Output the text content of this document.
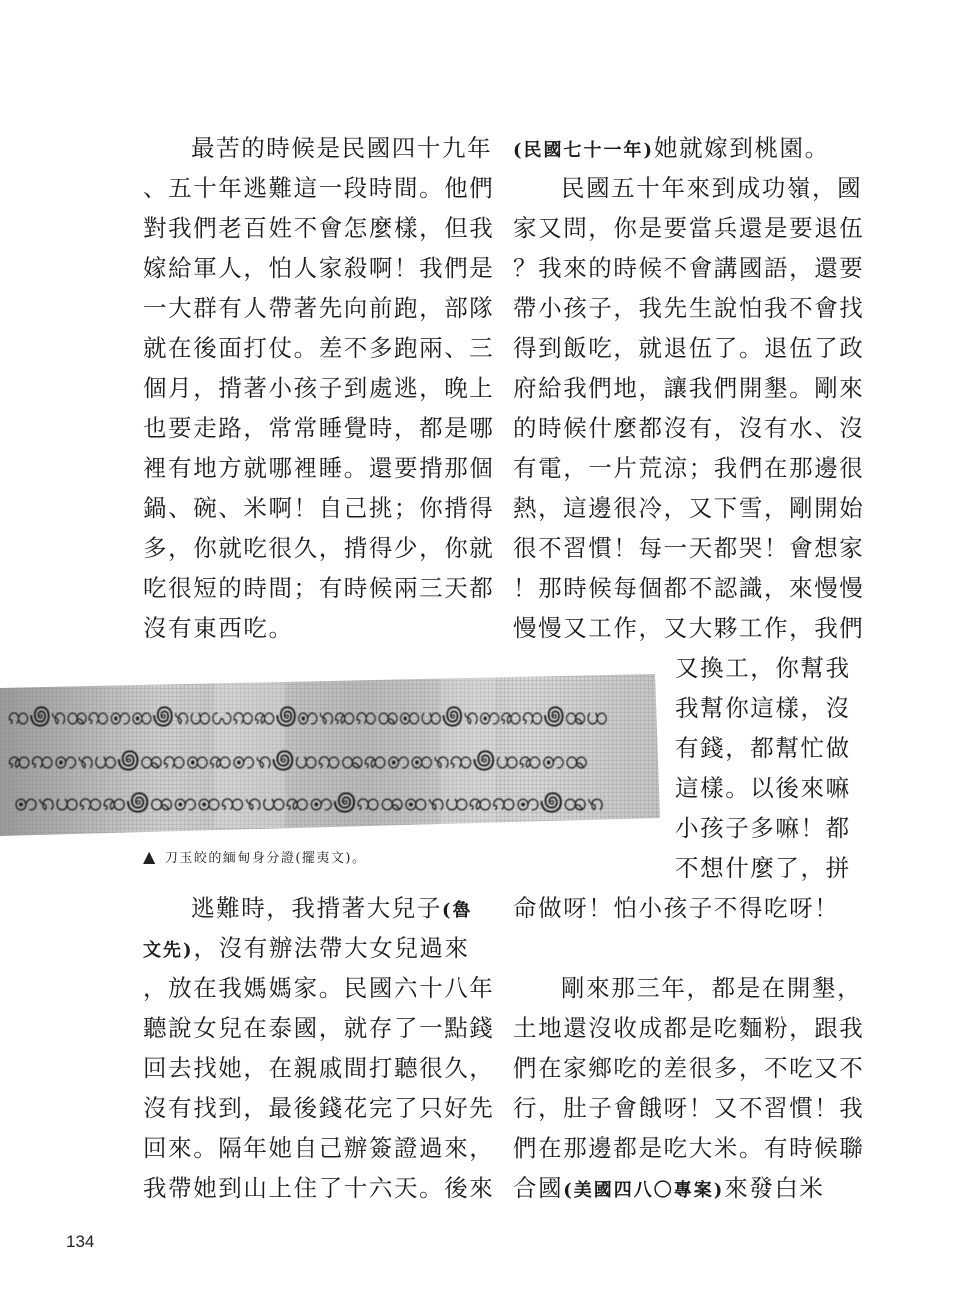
最苦的時候是民國四十九年
、五十年逃難這一段時間。他們
對我們老百姓不會怎麼樣，但我
嫁給軍人，怕人家殺啊！我們是
一大群有人帶著先向前跑，部隊
就在後面打仗。差不多跑兩、三
個月，揹著小孩子到處逃，晚上
也要走路，常常睡覺時，都是哪
裡有地方就哪裡睡。還要揹那個
鍋、碗、米啊！自己挑；你揹得
多，你就吃很久，揹得少，你就
吃很短的時間；有時候兩三天都
沒有東西吃。
(民國七十一年)她就嫁到桃園。
民國五十年來到成功嶺，國
家又問，你是要當兵還是要退伍
？我來的時候不會講國語，還要
帶小孩子，我先生說怕我不會找
得到飯吃，就退伍了。退伍了政
府給我們地，讓我們開墾。剛來
的時候什麼都沒有，沒有水、沒
有電，一片荒涼；我們在那邊很
熱，這邊很冷，又下雪，剛開始
很不習慣！每一天都哭！會想家
！那時候每個都不認識，來慢慢
慢慢又工作，又大夥工作，我們
又換工，你幫我
我幫你這樣，沒
有錢，都幫忙做
這樣。以後來嘛
小孩子多嘛！都
不想什麼了，拼
命做呀！怕小孩子不得吃呀！
剛來那三年，都是在開墾，
土地還沒收成都是吃麵粉，跟我
們在家鄉吃的差很多，不吃又不
行，肚子會餓呀！又不習慣！我
們在那邊都是吃大米。有時候聯
合國(美國四八〇專案)來發白米
逃難時，我揹著大兒子(魯
文先)，沒有辦法帶大女兒過來
，放在我媽媽家。民國六十八年
聽說女兒在泰國，就存了一點錢
回去找她，在親戚間打聽很久，
沒有找到，最後錢花完了只好先
回來。隔年她自己辦簽證過來，
我帶她到山上住了十六天。後來
ꩡ꩜ꩫꩪꩡꩦꩧ꩜ꩫꩤꩬꩡꩣ꩜ꩦꩫꩣꩡꩪꩧꩤ꩜ꩫꩦꩣꩡ꩜ꩪꩤ
ꩣꩡꩦꩫꩤ꩜ꩪꩡꩧꩣꩦꩫ꩜ꩤꩡꩪꩣꩦꩧꩫꩡ꩜ꩤꩣꩦꩪ
ꩦꩫꩤꩡꩣ꩜ꩪꩦꩧꩡꩫꩤꩣꩦ꩜ꩡꩪꩧꩫꩤꩣꩡꩦ꩜ꩪꩫ
▲ 刀玉皎的緬甸身分證(擺夷文)。
134
